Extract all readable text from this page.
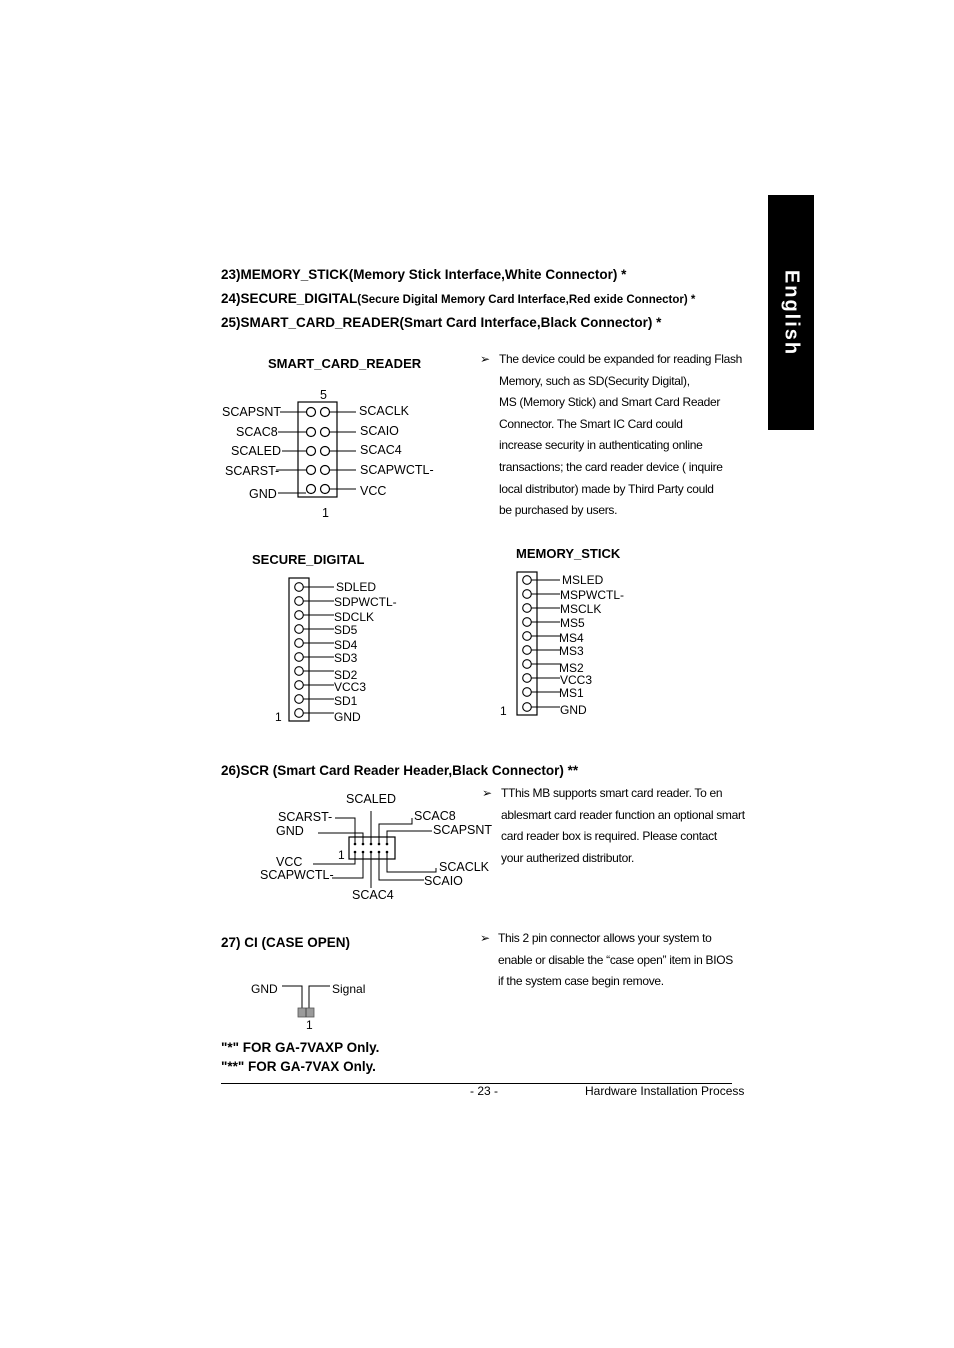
English
23)MEMORY_STICK(Memory Stick Interface,White Connector) *
24)SECURE_DIGITAL(Secure Digital Memory Card Interface,Red exide Connector) *
25)SMART_CARD_READER(Smart Card Interface,Black Connector) *
SMART_CARD_READER
5
1
SCAPSNT
SCAC8
SCALED
SCARST-
GND
SCACLK
SCAIO
SCAC4
SCAPWCTL-
VCC
➢ The device could be expanded for reading Flash
Memory, such as SD(Security Digital),
MS (Memory Stick) and Smart Card Reader
Connector. The Smart IC Card could
increase security in authenticating online
transactions; the card reader device ( inquire
local distributor) made by Third Party could
be purchased by users.
SECURE_DIGITAL
1
SDLED
SDPWCTL-
SDCLK
SD5
SD4
SD3
SD2
VCC3
SD1
GND
MEMORY_STICK
1
MSLED
MSPWCTL-
MSCLK
MS5
MS4
MS3
MS2
VCC3
MS1
GND
26)SCR (Smart Card Reader Header,Black Connector) **
SCALED
SCARST-
GND
VCC
SCAPWCTL-
SCAC8
SCAPSNT
SCACLK
SCAIO
SCAC4
1
➢ TThis MB supports smart card reader. To en
ablesmart card reader function an optional smart
card reader box is required. Please contact
your autherized distributor.
27) CI (CASE OPEN)
GND	Signal
1
➢ This 2 pin connector allows your system to
enable or disable the “case open” item in BIOS
if the system case begin remove.
"*" FOR GA-7VAXP Only.
"**" FOR GA-7VAX Only.
- 23 -	Hardware Installation Process
